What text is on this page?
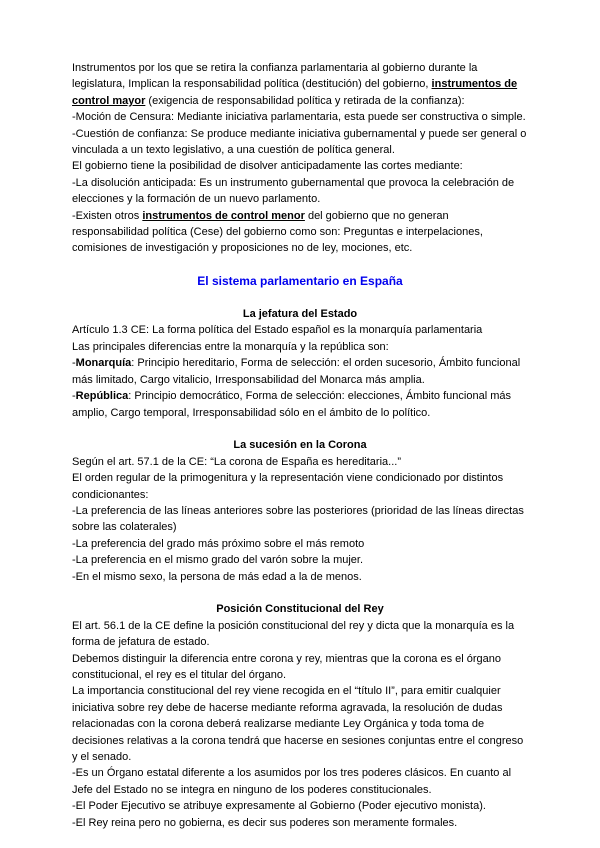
Instrumentos por los que se retira la confianza parlamentaria al gobierno durante la legislatura, Implican la responsabilidad política (destitución) del gobierno, instrumentos de control mayor (exigencia de responsabilidad política y retirada de la confianza):

-Moción de Censura: Mediante iniciativa parlamentaria, esta puede ser constructiva o simple.

-Cuestión de confianza: Se produce mediante iniciativa gubernamental y puede ser general o vinculada a un texto legislativo, a una cuestión de política general.

El gobierno tiene la posibilidad de disolver anticipadamente las cortes mediante:

-La disolución anticipada: Es un instrumento gubernamental que provoca la celebración de elecciones y la formación de un nuevo parlamento.

-Existen otros instrumentos de control menor del gobierno que no generan responsabilidad política (Cese) del gobierno como son: Preguntas e interpelaciones, comisiones de investigación y proposiciones no de ley, mociones, etc.

El sistema parlamentario en España
La jefatura del Estado

Artículo 1.3 CE: La forma política del Estado español es la monarquía parlamentaria

Las principales diferencias entre la monarquía y la república son:

-Monarquía: Principio hereditario, Forma de selección: el orden sucesorio, Ámbito funcional más limitado, Cargo vitalicio, Irresponsabilidad del Monarca más amplia.

-República: Principio democrático, Forma de selección: elecciones, Ámbito funcional más amplio, Cargo temporal, Irresponsabilidad sólo en el ámbito de lo político.

La sucesión en la Corona

Según el art. 57.1 de la CE: “La corona de España es hereditaria...”

El orden regular de la primogenitura y la representación viene condicionado por distintos condicionantes:

-La preferencia de las líneas anteriores sobre las posteriores (prioridad de las líneas directas sobre las colaterales)

-La preferencia del grado más próximo sobre el más remoto

-La preferencia en el mismo grado del varón sobre la mujer.

-En el mismo sexo, la persona de más edad a la de menos.

Posición Constitucional del Rey

El art. 56.1 de la CE define la posición constitucional del rey y dicta que la monarquía es la forma de jefatura de estado.

Debemos distinguir la diferencia entre corona y rey, mientras que la corona es el órgano constitucional, el rey es el titular del órgano.

La importancia constitucional del rey viene recogida en el “título II”, para emitir cualquier iniciativa sobre rey debe de hacerse mediante reforma agravada, la resolución de dudas relacionadas con la corona deberá realizarse mediante Ley Orgánica y toda toma de decisiones relativas a la corona tendrá que hacerse en sesiones conjuntas entre el congreso y el senado.

-Es un Órgano estatal diferente a los asumidos por los tres poderes clásicos. En cuanto al Jefe del Estado no se integra en ninguno de los poderes constitucionales.

-El Poder Ejecutivo se atribuye expresamente al Gobierno (Poder ejecutivo monista).

-El Rey reina pero no gobierna, es decir sus poderes son meramente formales.
